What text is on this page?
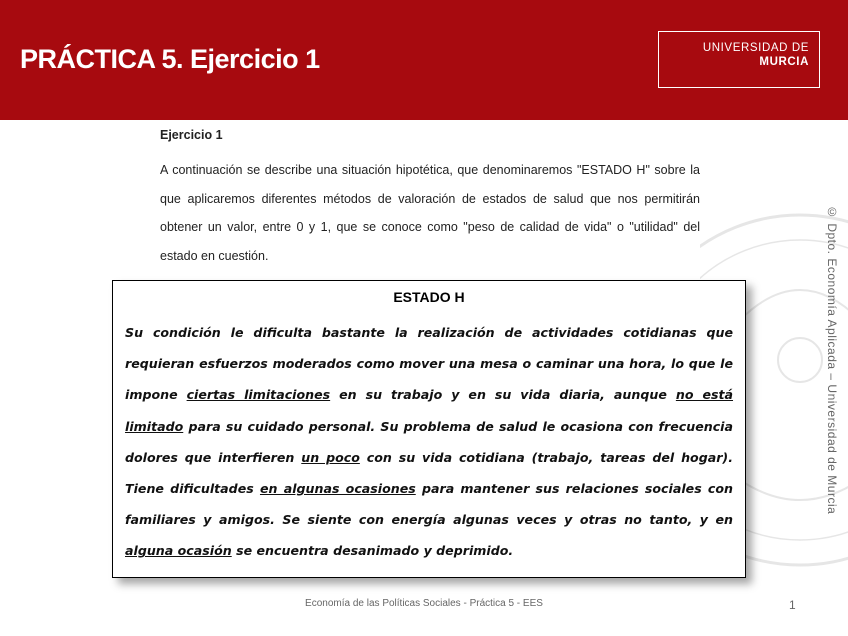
PRÁCTICA 5. Ejercicio 1	UNIVERSIDAD DE
MURCIA

Ejercicio 1

A continuación se describe una situación hipotética, que denominaremos "ESTADO H" sobre la que aplicaremos diferentes métodos de valoración de estados de salud que nos permitirán obtener un valor, entre 0 y 1, que se conoce como "peso de calidad de vida" o "utilidad" del estado en cuestión.	© Dpto. Economía Aplicada – Universidad de Murcia
ESTADO H

Su condición le dificulta bastante la realización de actividades cotidianas que requieran esfuerzos moderados como mover una mesa o caminar una hora, lo que le impone ciertas limitaciones en su trabajo y en su vida diaria, aunque no está limitado para su cuidado personal. Su problema de salud le ocasiona con frecuencia dolores que interfieren un poco con su vida cotidiana (trabajo, tareas del hogar). Tiene dificultades en algunas ocasiones para mantener sus relaciones sociales con familiares y amigos. Se siente con energía algunas veces y otras no tanto, y en alguna ocasión se encuentra desanimado y deprimido.

Economía de las Políticas Sociales - Práctica 5 - EES	1
